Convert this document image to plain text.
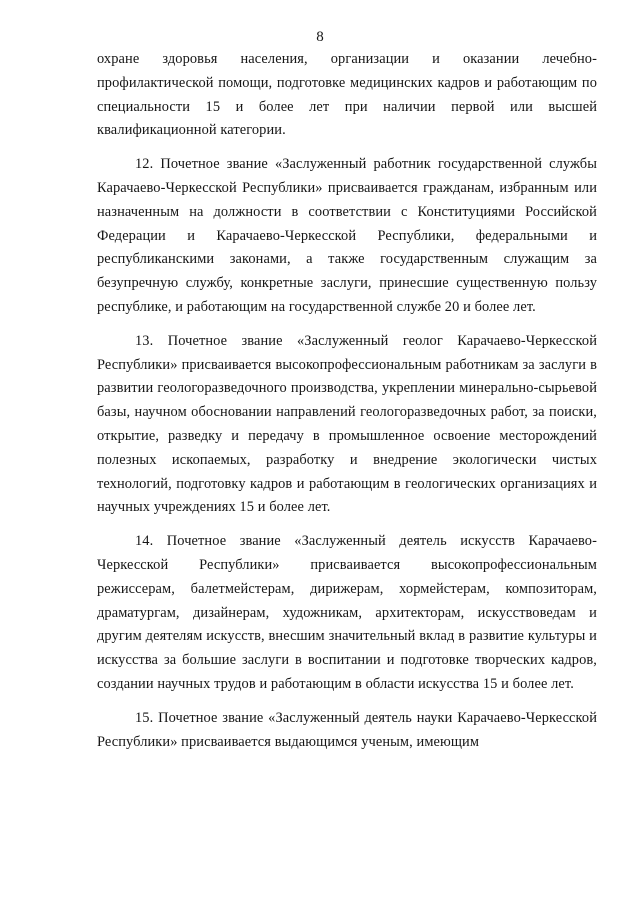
8

охране здоровья населения, организации и оказании лечебно-профилактической помощи, подготовке медицинских кадров и работающим по специальности 15 и более лет при наличии первой или высшей квалификационной категории.

12. Почетное звание «Заслуженный работник государственной службы Карачаево-Черкесской Республики» присваивается гражданам, избранным или назначенным на должности в соответствии с Конституциями Российской Федерации и Карачаево-Черкесской Республики, федеральными и республиканскими законами, а также государственным служащим за безупречную службу, конкретные заслуги, принесшие существенную пользу республике, и работающим на государственной службе 20 и более лет.

13. Почетное звание «Заслуженный геолог Карачаево-Черкесской Республики» присваивается высокопрофессиональным работникам за заслуги в развитии геологоразведочного производства, укреплении минерально-сырьевой базы, научном обосновании направлений геологоразведочных работ, за поиски, открытие, разведку и передачу в промышленное освоение месторождений полезных ископаемых, разработку и внедрение экологически чистых технологий, подготовку кадров и работающим в геологических организациях и научных учреждениях 15 и более лет.

14. Почетное звание «Заслуженный деятель искусств Карачаево-Черкесской Республики» присваивается высокопрофессиональным режиссерам, балетмейстерам, дирижерам, хормейстерам, композиторам, драматургам, дизайнерам, художникам, архитекторам, искусствоведам и другим деятелям искусств, внесшим значительный вклад в развитие культуры и искусства за большие заслуги в воспитании и подготовке творческих кадров, создании научных трудов и работающим в области искусства 15 и более лет.

15. Почетное звание «Заслуженный деятель науки Карачаево-Черкесской Республики» присваивается выдающимся ученым, имеющим
